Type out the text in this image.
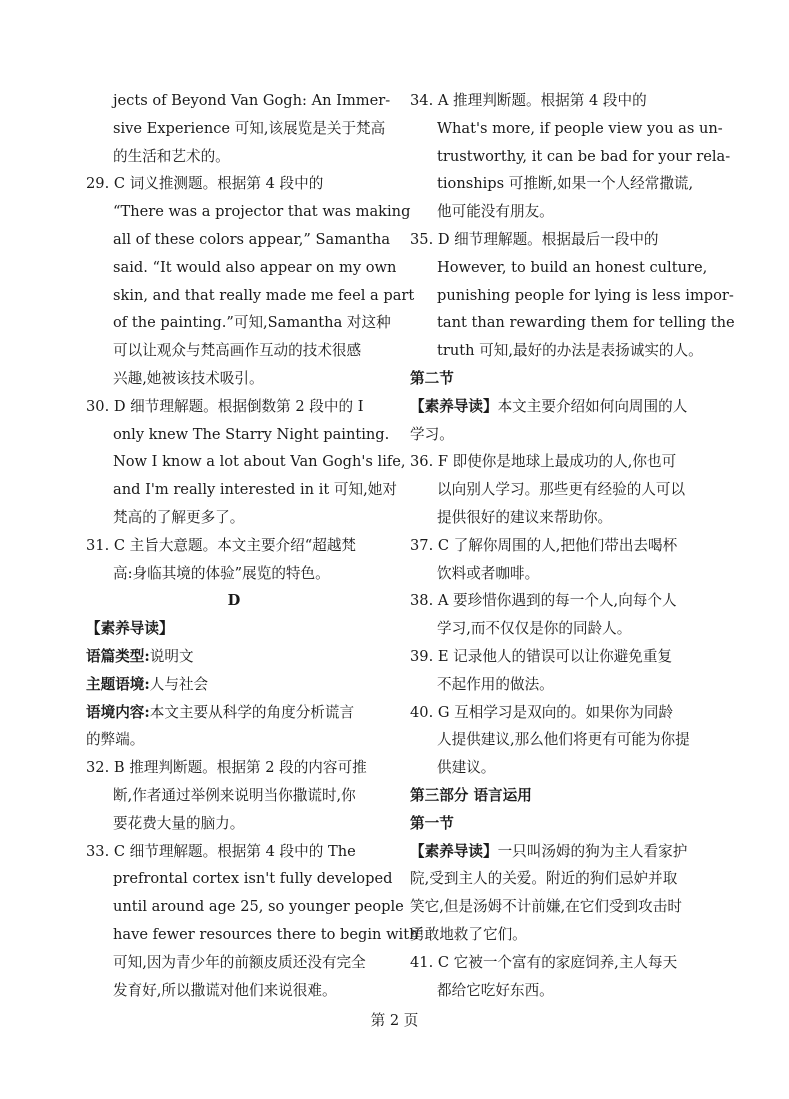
jects of Beyond Van Gogh: An Immer-
sive Experience 可知,该展览是关于梵高
的生活和艺术的。
29. C 词义推测题。根据第 4 段中的
“There was a projector that was making
all of these colors appear,” Samantha
said. “It would also appear on my own
skin, and that really made me feel a part
of the painting.”可知,Samantha 对这种
可以让观众与梵高画作互动的技术很感
兴趣,她被该技术吸引。
30. D 细节理解题。根据倒数第 2 段中的 I
only knew The Starry Night painting.
Now I know a lot about Van Gogh's life,
and I'm really interested in it 可知,她对
梵高的了解更多了。
31. C 主旨大意题。本文主要介绍“超越梵
高:身临其境的体验”展览的特色。
D
【素养导读】
语篇类型:说明文
主题语境:人与社会
语境内容:本文主要从科学的角度分析谎言
的弊端。
32. B 推理判断题。根据第 2 段的内容可推
断,作者通过举例来说明当你撒谎时,你
要花费大量的脑力。
33. C 细节理解题。根据第 4 段中的 The
prefrontal cortex isn't fully developed
until around age 25, so younger people
have fewer resources there to begin with
可知,因为青少年的前额皮质还没有完全
发育好,所以撒谎对他们来说很难。
34. A 推理判断题。根据第 4 段中的
What's more, if people view you as un-
trustworthy, it can be bad for your rela-
tionships 可推断,如果一个人经常撒谎,
他可能没有朋友。
35. D 细节理解题。根据最后一段中的
However, to build an honest culture,
punishing people for lying is less impor-
tant than rewarding them for telling the
truth 可知,最好的办法是表扬诚实的人。
第二节
【素养导读】本文主要介绍如何向周围的人
学习。
36. F 即使你是地球上最成功的人,你也可
以向别人学习。那些更有经验的人可以
提供很好的建议来帮助你。
37. C 了解你周围的人,把他们带出去喝杯
饮料或者咖啡。
38. A 要珍惜你遇到的每一个人,向每个人
学习,而不仅仅是你的同龄人。
39. E 记录他人的错误可以让你避免重复
不起作用的做法。
40. G 互相学习是双向的。如果你为同龄
人提供建议,那么他们将更有可能为你提
供建议。
第三部分 语言运用
第一节
【素养导读】一只叫汤姆的狗为主人看家护
院,受到主人的关爱。附近的狗们忌妒并取
笑它,但是汤姆不计前嫌,在它们受到攻击时
勇敢地救了它们。
41. C 它被一个富有的家庭饲养,主人每天
都给它吃好东西。
第 2 页
